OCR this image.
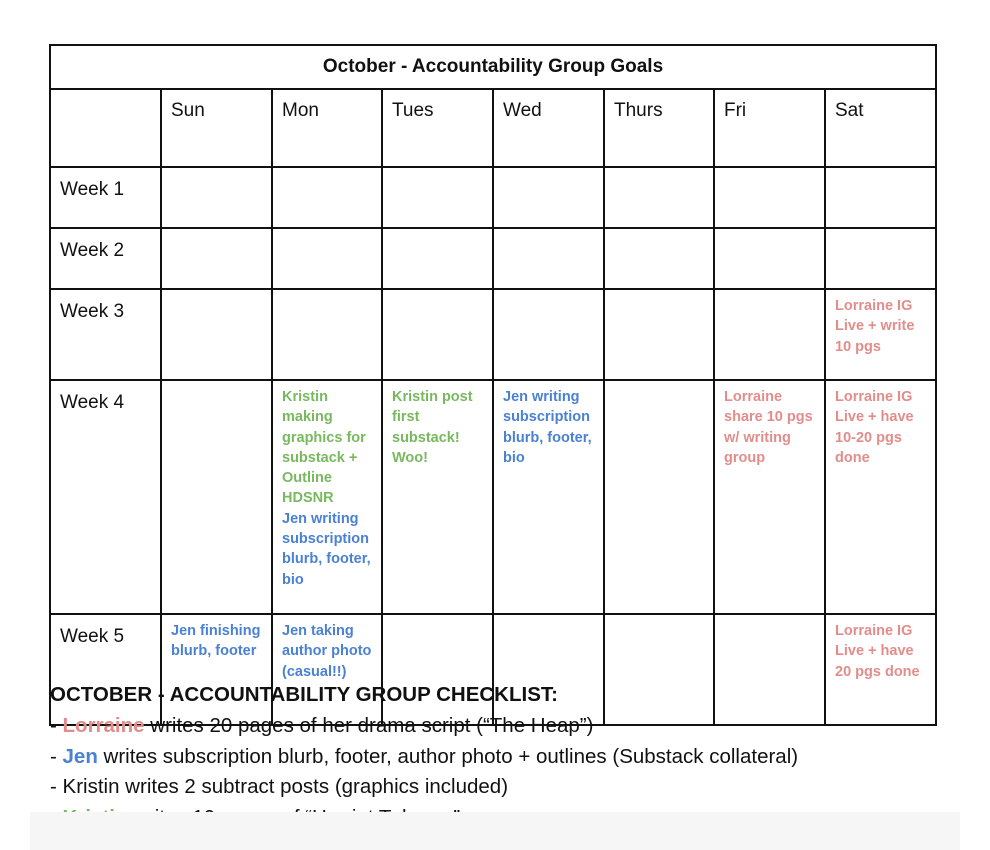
October - Accountability Group Goals							
	Sun	Mon	Tues	Wed	Thurs	Fri	Sat
Week 1							
Week 2							
Week 3							Lorraine IG Live + write 10 pgs

Week 4		Kristin making graphics for substack + Outline HDSNR
Jen writing subscription blurb, footer, bio	Kristin post first substack! Woo!	Jen writing subscription blurb, footer, bio		Lorraine share 10 pgs w/ writing group	Lorraine IG Live + have 10-20 pgs done

Week 5	Jen finishing blurb, footer	Jen taking author photo (casual!!)					Lorraine IG Live + have 20 pgs done
OCTOBER - ACCOUNTABILITY GROUP CHECKLIST:
- Lorraine writes 20 pages of her drama script (“The Heap”)
- Jen writes subscription blurb, footer, author photo + outlines (Substack collateral)
- Kristin writes 2 subtract posts (graphics included)
